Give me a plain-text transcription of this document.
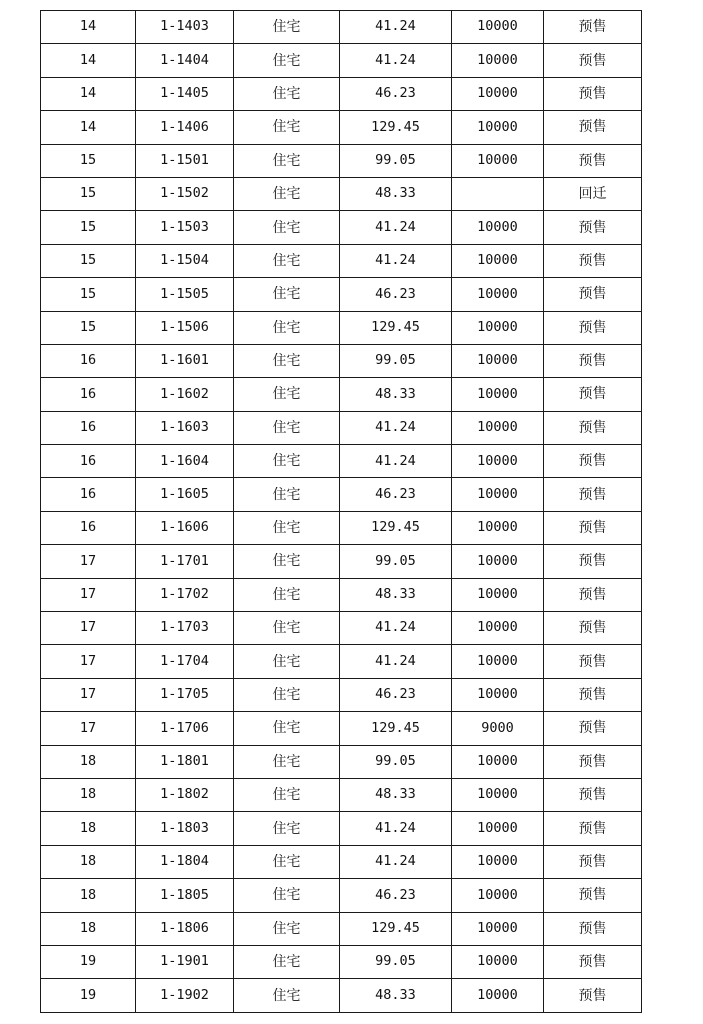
14	1-1403	住宅	41.24	10000	预售
14	1-1404	住宅	41.24	10000	预售
14	1-1405	住宅	46.23	10000	预售
14	1-1406	住宅	129.45	10000	预售
15	1-1501	住宅	99.05	10000	预售
15	1-1502	住宅	48.33		回迁
15	1-1503	住宅	41.24	10000	预售
15	1-1504	住宅	41.24	10000	预售
15	1-1505	住宅	46.23	10000	预售
15	1-1506	住宅	129.45	10000	预售
16	1-1601	住宅	99.05	10000	预售
16	1-1602	住宅	48.33	10000	预售
16	1-1603	住宅	41.24	10000	预售
16	1-1604	住宅	41.24	10000	预售
16	1-1605	住宅	46.23	10000	预售
16	1-1606	住宅	129.45	10000	预售
17	1-1701	住宅	99.05	10000	预售
17	1-1702	住宅	48.33	10000	预售
17	1-1703	住宅	41.24	10000	预售
17	1-1704	住宅	41.24	10000	预售
17	1-1705	住宅	46.23	10000	预售
17	1-1706	住宅	129.45	9000	预售
18	1-1801	住宅	99.05	10000	预售
18	1-1802	住宅	48.33	10000	预售
18	1-1803	住宅	41.24	10000	预售
18	1-1804	住宅	41.24	10000	预售
18	1-1805	住宅	46.23	10000	预售
18	1-1806	住宅	129.45	10000	预售
19	1-1901	住宅	99.05	10000	预售
19	1-1902	住宅	48.33	10000	预售
